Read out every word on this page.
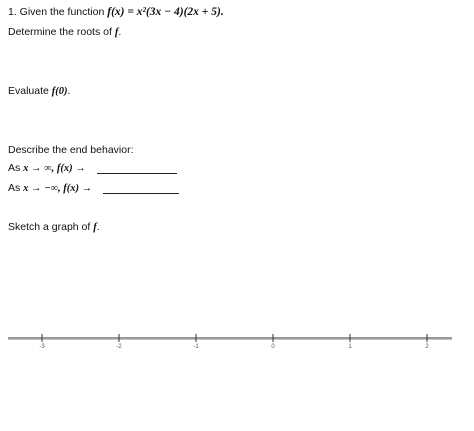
1. Given the function f(x) = x²(3x − 4)(2x + 5).
Determine the roots of f.
Evaluate f(0).
Describe the end behavior:
As x → ∞, f(x) →
As x → −∞, f(x) →
Sketch a graph of f.
-3	-2	-1	0	1	2
